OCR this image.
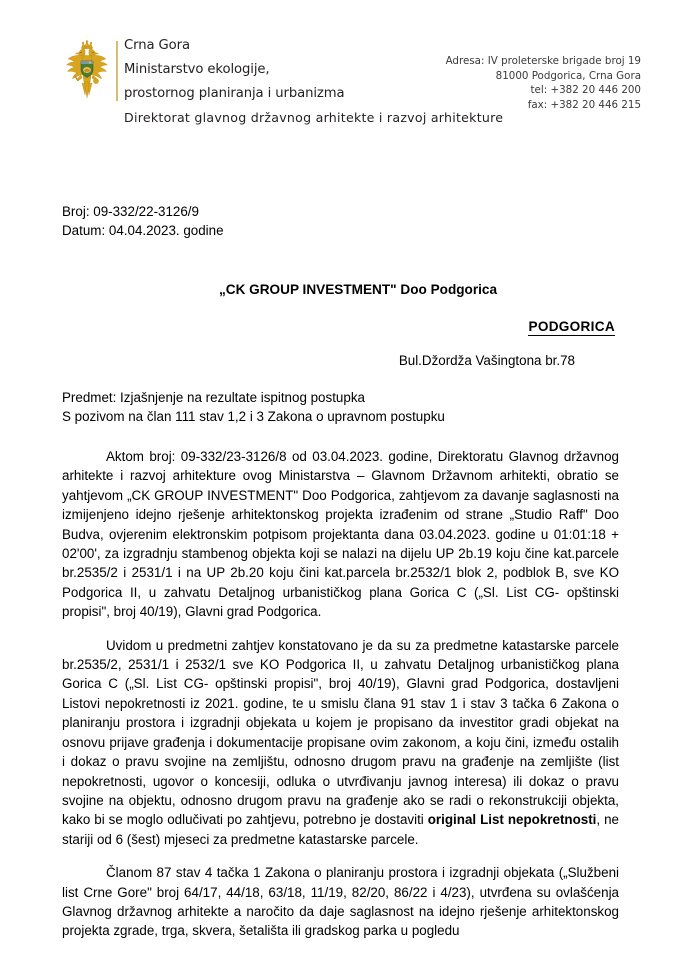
Crna Gora
Ministarstvo ekologije,
prostornog planiranja i urbanizma
Direktorat glavnog državnog arhitekte i razvoj arhitekture
Adresa: IV proleterske brigade broj 19
81000 Podgorica, Crna Gora
tel: +382 20 446 200
fax: +382 20 446 215
Broj: 09-332/22-3126/9
Datum: 04.04.2023. godine
„CK GROUP INVESTMENT" Doo Podgorica
PODGORICA
Bul.Džordža Vašingtona br.78
Predmet: Izjašnjenje na rezultate ispitnog postupka
S pozivom na član 111 stav 1,2 i 3 Zakona o upravnom postupku

Aktom broj: 09-332/23-3126/8 od 03.04.2023. godine, Direktoratu Glavnog državnog arhitekte i razvoj arhitekture ovog Ministarstva – Glavnom Državnom arhitekti, obratio se yahtjevom „CK GROUP INVESTMENT" Doo Podgorica, zahtjevom za davanje saglasnosti na izmijenjeno idejno rješenje arhitektonskog projekta izrađenim od strane „Studio Raff" Doo Budva, ovjerenim elektronskim potpisom projektanta dana 03.04.2023. godine u 01:01:18 + 02'00', za izgradnju stambenog objekta koji se nalazi na dijelu UP 2b.19 koju čine kat.parcele br.2535/2 i 2531/1 i na UP 2b.20 koju čini kat.parcela br.2532/1 blok 2, podblok B, sve KO Podgorica II, u zahvatu Detaljnog urbanističkog plana Gorica C („Sl. List CG- opštinski propisi", broj 40/19), Glavni grad Podgorica.

Uvidom u predmetni zahtjev konstatovano je da su za predmetne katastarske parcele br.2535/2, 2531/1 i 2532/1 sve KO Podgorica II, u zahvatu Detaljnog urbanističkog plana Gorica C („Sl. List CG- opštinski propisi", broj 40/19), Glavni grad Podgorica, dostavljeni Listovi nepokretnosti iz 2021. godine, te u smislu člana 91 stav 1 i stav 3 tačka 6 Zakona o planiranju prostora i izgradnji objekata u kojem je propisano da investitor gradi objekat na osnovu prijave građenja i dokumentacije propisane ovim zakonom, a koju čini, između ostalih i dokaz o pravu svojine na zemljištu, odnosno drugom pravu na građenje na zemljište (list nepokretnosti, ugovor o koncesiji, odluka o utvrđivanju javnog interesa) ili dokaz o pravu svojine na objektu, odnosno drugom pravu na građenje ako se radi o rekonstrukciji objekta, kako bi se moglo odlučivati po zahtjevu, potrebno je dostaviti original List nepokretnosti, ne stariji od 6 (šest) mjeseci za predmetne katastarske parcele.

Članom 87 stav 4 tačka 1 Zakona o planiranju prostora i izgradnji objekata („Službeni list Crne Gore" broj 64/17, 44/18, 63/18, 11/19, 82/20, 86/22 i 4/23), utvrđena su ovlašćenja Glavnog državnog arhitekte a naročito da daje saglasnost na idejno rješenje arhitektonskog projekta zgrade, trga, skvera, šetališta ili gradskog parka u pogledu
